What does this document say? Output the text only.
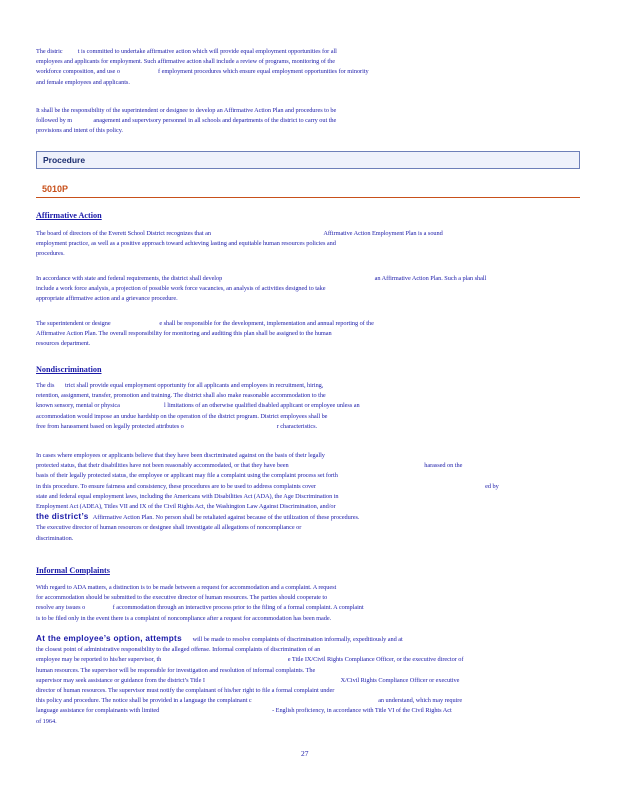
The distric          t is committed to undertake affirmative action which will provide equal employment opportunities for all
employees and applicants for employment. Such affirmative action shall include a review of programs, monitoring of the
workforce composition, and use o                         f employment procedures which ensure equal employment opportunities for minority
and female employees and applicants.
It shall be the responsibility of the superintendent or designee to develop an Affirmative Action Plan and procedures to be
followed by m              anagement and supervisory personnel in all schools and departments of the district to carry out the
provisions and intent of this policy.
Procedure
5010P
Affirmative Action
The board of directors of the Everett School District recognizes that an                                                                          Affirmative Action Employment Plan is a sound
employment practice, as well as a positive approach toward achieving lasting and equitable human resources policies and
procedures.
In accordance with state and federal requirements, the district shall develop                                                                                                    an Affirmative Action Plan. Such a plan shall
include a work force analysis, a projection of possible work force vacancies, an analysis of activities designed to take
appropriate affirmative action and a grievance procedure.
The superintendent or designe                                e shall be responsible for the development, implementation and annual reporting of the
Affirmative Action Plan. The overall responsibility for monitoring and auditing this plan shall be assigned to the human
resources department.
Nondiscrimination
The dis       trict shall provide equal employment opportunity for all applicants and employees in recruitment, hiring,
retention, assignment, transfer, promotion and training. The district shall also make reasonable accommodation to the
known sensory, mental or physica                             l limitations of an otherwise qualified disabled applicant or employee unless an
accommodation would impose an undue hardship on the operation of the district program. District employees shall be
free from harassment based on legally protected attributes o                                                             r characteristics.
In cases where employees or applicants believe that they have been discriminated against on the basis of their legally
protected status, that their disabilities have not been reasonably accommodated, or that they have been                                                                                         harassed on the
basis of their legally protected status, the employee or applicant may file a complaint using the complaint process set forth
in this procedure. To ensure fairness and consistency, these procedures are to be used to address complaints cover                                                                                                               ed by
state and federal equal employment laws, including the Americans with Disabilities Act (ADA), the Age Discrimination in
Employment Act (ADEA), Titles VII and IX of the Civil Rights Act, the Washington Law Against Discrimination, and/or
the district’s   Affirmative Action Plan. No person shall be retaliated against because of the utilization of these procedures.
The executive director of human resources or designee shall investigate all allegations of noncompliance or
discrimination.
Informal Complaints
With regard to ADA matters, a distinction is to be made between a request for accommodation and a complaint. A request
for accommodation should be submitted to the executive director of human resources. The parties should cooperate to
resolve any issues o                  f accommodation through an interactive process prior to the filing of a formal complaint. A complaint
is to be filed only in the event there is a complaint of noncompliance after a request for accommodation has been made.
At the employee’s option, attempts       will be made to resolve complaints of discrimination informally, expeditiously and at
the closest point of administrative responsibility to the alleged offense. Informal complaints of discrimination of an
employee may be reported to his/her supervisor, th                                                                                   e Title IX/Civil Rights Compliance Officer, or the executive director of
human resources. The supervisor will be responsible for investigation and resolution of informal complaints. The
supervisor may seek assistance or guidance from the district’s Title I                                                                                         X/Civil Rights Compliance Officer or executive
director of human resources. The supervisor must notify the complainant of his/her right to file a formal complaint under
this policy and procedure. The notice shall be provided in a language the complainant c                                                                                   an understand, which may require
language assistance for complainants with limited                                                                          - English proficiency, in accordance with Title VI of the Civil Rights Act
of 1964.
27
